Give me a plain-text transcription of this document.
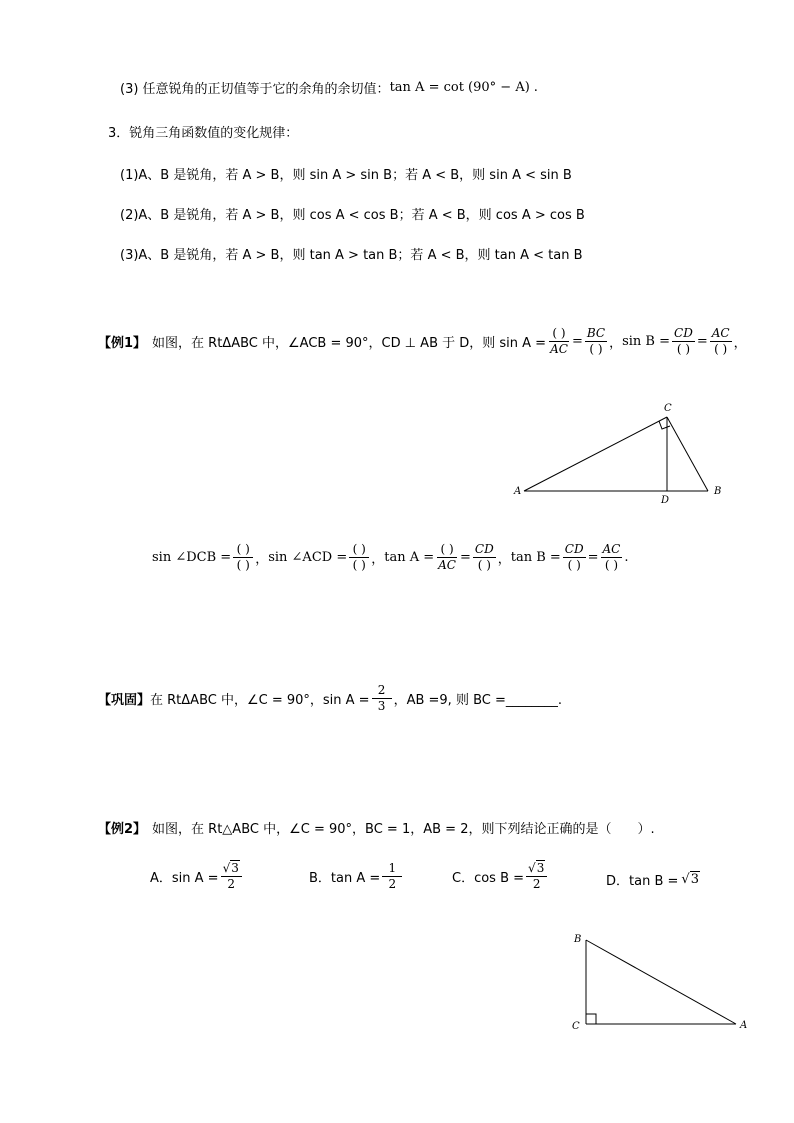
(3) 任意锐角的正切值等于它的余角的余切值： tan A = cot (90° − A) .
3．锐角三角函数值的变化规律：
(1)A、B 是锐角，若 A > B，则 sin A > sin B；若 A < B，则 sin A < sin B
(2)A、B 是锐角，若 A > B，则 cos A < cos B；若 A < B，则 cos A > cos B
(3)A、B 是锐角，若 A > B，则 tan A > tan B；若 A < B，则 tan A < tan B
【例1】 如图，在 RtΔABC 中，∠ACB = 90°，CD ⊥ AB 于 D，则 $\sin A = \frac{( )}{AC} = \frac{BC}{( )}$ ， $\sin B = \frac{CD}{( )} = \frac{AC}{( )}$ ，
C
A	B
D
sin ∠DCB = $\frac{( )}{( )}$ ， sin ∠ACD = $\frac{( )}{( )}$ ， $\tan A = \frac{( )}{AC} = \frac{CD}{( )}$ ， $\tan B = \frac{CD}{( )} = \frac{AC}{( )}$ .
【巩固】 在 RtΔABC 中，∠C = 90°，$\sin A = \frac{2}{3}$ ，AB =9, 则 BC =________.
【例2】 如图，在 Rt△ABC 中，∠C = 90°，BC = 1，AB = 2，则下列结论正确的是（　　）.
A．$\sin A = \frac{√3}{2}$	B．$\tan A = \frac{1}{2}$	C．$\cos B = \frac{√3}{2}$	D．tan B = √3
B
C	A
